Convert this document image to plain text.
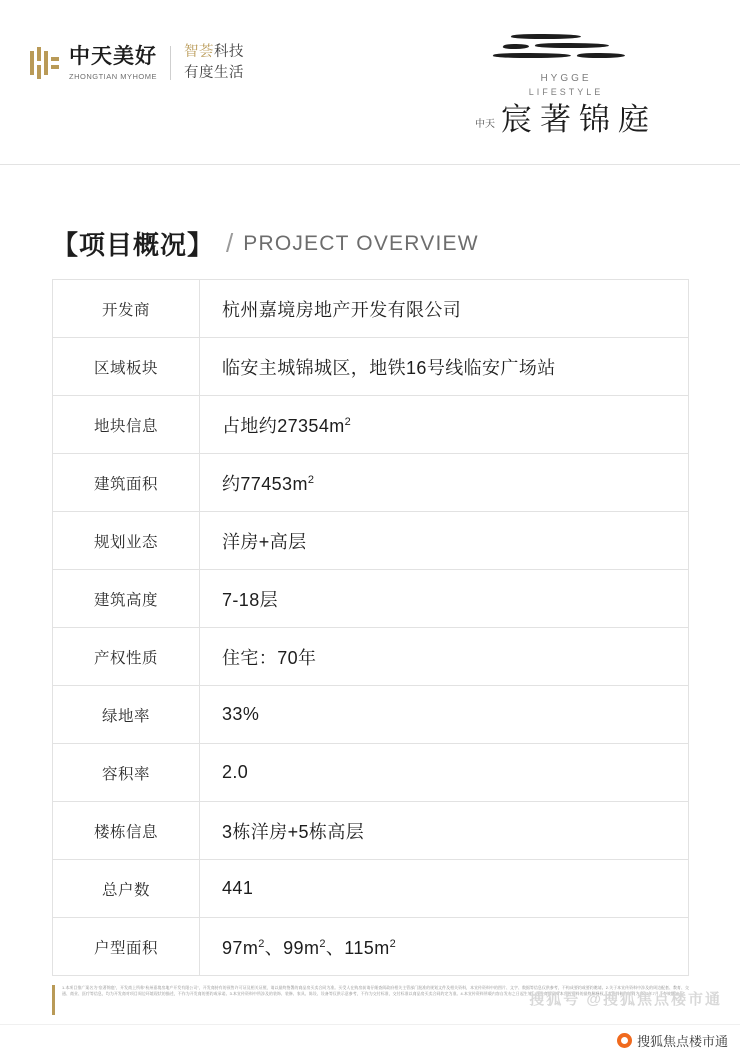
中天美好
ZHONGTIAN MYHOME
智荟科技
有度生活	HYGGE
LIFESTYLE
中天 宸著锦庭
【项目概况】 / PROJECT OVERVIEW
开发商	杭州嘉境房地产开发有限公司
区域板块	临安主城锦城区，地铁16号线临安广场站
地块信息	占地约$27354m^2$
建筑面积	约$77453m^2$
规划业态	洋房+高层
建筑高度	7-18层
产权性质	住宅：70年
绿地率	33%
容积率	2.0
楼栋信息	3栋洋房+5栋高层
总户数	441
户型面积	$97m^2$、$99m^2$、$115m^2$
1.本项目推广案名为“宸著锦庭”，开发商上所称“杭州嘉境房地产开发有限公司”，开发商持有的预售许可证及相关证照，请以最终签署的商品房买卖合同为准。买受人在购房前请仔细查阅政府相关主管部门批准的规划文件及相关资料，本宣传资料中的图片、文字、数据等信息仅供参考，不构成要约或要约邀请。2.关于本宣传资料中涉及的周边配套、教育、交通、商业、医疗等信息，均为开发商对项目周边环境现状的描述，不作为开发商的要约或承诺。3.本宣传资料中所涉及的装饰、装修、家具、陈设、设备等仅供示意参考，不作为交付标准，交付标准以商品房买卖合同约定为准。4.本宣传资料所载内容自发布之日起生效，开发商保留对本宣传资料的最终解释权。本资料制作时间为2023年7月，有效期30天。
搜狐号 @搜狐焦点楼市通
搜狐焦点楼市通
